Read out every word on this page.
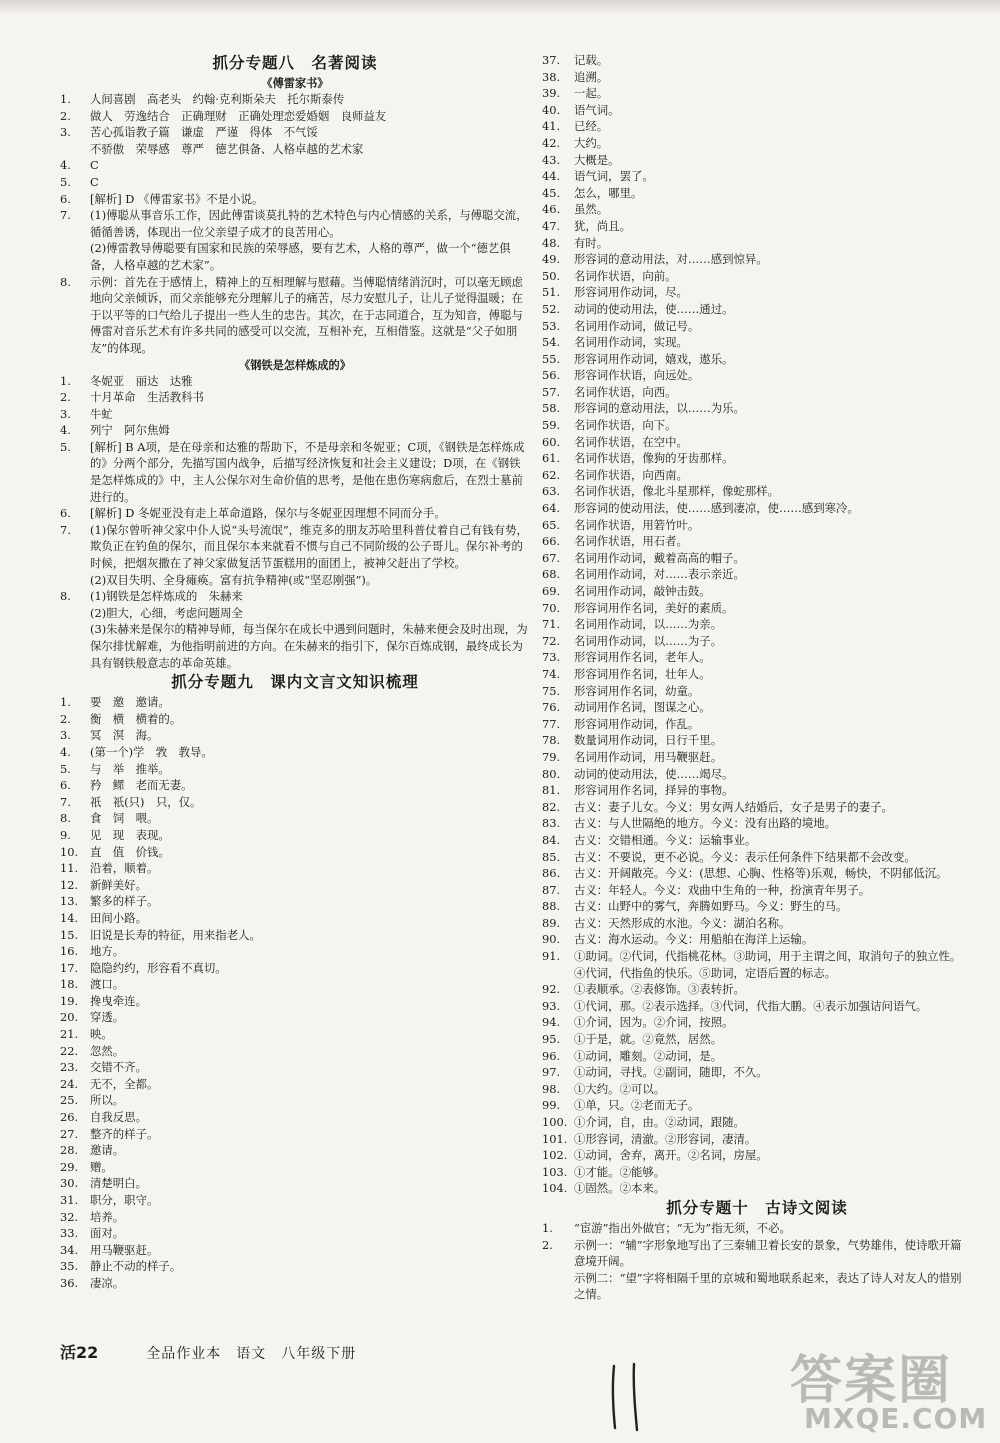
抓分专题八　名著阅读
《傅雷家书》
1.	人间喜剧　高老头　约翰·克利斯朵夫　托尔斯泰传
2.	做人　劳逸结合　正确理财　正确处理恋爱婚姻　良师益友
3.	苦心孤诣教子篇　谦虚　严谨　得体　不气馁
不骄傲　荣辱感　尊严　德艺俱备、人格卓越的艺术家
4.	C
5.	C
6.	[解析] D 《傅雷家书》不是小说。
7.	(1)傅聪从事音乐工作，因此傅雷谈莫扎特的艺术特色与内心情感的关系，与傅聪交流，循循善诱，体现出一位父亲望子成才的良苦用心。
(2)傅雷教导傅聪要有国家和民族的荣辱感，要有艺术，人格的尊严，做一个“德艺俱备，人格卓越的艺术家”。
8.	示例：首先在于感情上，精神上的互相理解与慰藉。当傅聪情绪消沉时，可以毫无顾虑地向父亲倾诉，而父亲能够充分理解儿子的痛苦，尽力安慰儿子，让儿子觉得温暖；在于以平等的口气给儿子提出一些人生的忠告。其次，在于志同道合，互为知音，傅聪与傅雷对音乐艺术有许多共同的感受可以交流，互相补充，互相借鉴。这就是“父子如朋友”的体现。
《钢铁是怎样炼成的》
1.	冬妮亚　丽达　达雅
2.	十月革命　生活教科书
3.	牛虻
4.	列宁　阿尔焦姆
5.	[解析] B A项，是在母亲和达雅的帮助下，不是母亲和冬妮亚；C项，《钢铁是怎样炼成的》分两个部分，先描写国内战争，后描写经济恢复和社会主义建设；D项，在《钢铁是怎样炼成的》中，主人公保尔对生命价值的思考，是他在患伤寒病愈后，在烈士墓前进行的。
6.	[解析] D 冬妮亚没有走上革命道路，保尔与冬妮亚因理想不同而分手。
7.	(1)保尔曾听神父家中仆人说“头号流氓”，维克多的朋友苏哈里科普仗着自己有钱有势，欺负正在钓鱼的保尔，而且保尔本来就看不惯与自己不同阶级的公子哥儿。保尔补考的时候，把烟灰撒在了神父家做复活节蛋糕用的面团上，被神父赶出了学校。
(2)双目失明、全身瘫痪。富有抗争精神(或“坚忍刚强”)。
8.	(1)钢铁是怎样炼成的　朱赫来
(2)胆大，心细，考虑问题周全
(3)朱赫来是保尔的精神导师，每当保尔在成长中遇到问题时，朱赫来便会及时出现，为保尔排忧解难，为他指明前进的方向。在朱赫来的指引下，保尔百炼成钢，最终成长为具有钢铁般意志的革命英雄。
抓分专题九　课内文言文知识梳理
1.	要　邀　邀请。
2.	衡　横　横着的。
3.	冥　溟　海。
4.	(第一个)学　敩　教导。
5.	与　举　推举。
6.	矜　鳏　老而无妻。
7.	祇　祇(只)　只，仅。
8.	食　饲　喂。
9.	见　现　表现。
10.	直　值　价钱。
11.	沿着，顺着。
12.	新鲜美好。
13.	繁多的样子。
14.	田间小路。
15.	旧说是长寿的特征，用来指老人。
16.	地方。
17.	隐隐约约，形容看不真切。
18.	渡口。
19.	搀曳牵连。
20.	穿透。
21.	映。
22.	忽然。
23.	交错不齐。
24.	无不，全都。
25.	所以。
26.	自我反思。
27.	整齐的样子。
28.	邀请。
29.	赠。
30.	清楚明白。
31.	职分，职守。
32.	培养。
33.	面对。
34.	用马鞭驱赶。
35.	静止不动的样子。
36.	凄凉。
37.	记载。
38.	追溯。
39.	一起。
40.	语气词。
41.	已经。
42.	大约。
43.	大概是。
44.	语气词，罢了。
45.	怎么，哪里。
46.	虽然。
47.	犹，尚且。
48.	有时。
49.	形容词的意动用法，对……感到惊异。
50.	名词作状语，向前。
51.	形容词用作动词，尽。
52.	动词的使动用法，使……通过。
53.	名词用作动词，做记号。
54.	名词用作动词，实现。
55.	形容词用作动词，嬉戏，遨乐。
56.	形容词作状语，向远处。
57.	名词作状语，向西。
58.	形容词的意动用法，以……为乐。
59.	名词作状语，向下。
60.	名词作状语，在空中。
61.	名词作状语，像狗的牙齿那样。
62.	名词作状语，向西南。
63.	名词作状语，像北斗星那样，像蛇那样。
64.	形容词的使动用法，使……感到凄凉，使……感到寒冷。
65.	名词作状语，用箬竹叶。
66.	名词作状语，用石者。
67.	名词用作动词，戴着高高的帽子。
68.	名词用作动词，对……表示亲近。
69.	名词用作动词，敲钟击鼓。
70.	形容词用作名词，美好的素质。
71.	名词用作动词，以……为亲。
72.	名词用作动词，以……为子。
73.	形容词用作名词，老年人。
74.	形容词用作名词，壮年人。
75.	形容词用作名词，幼童。
76.	动词用作名词，图谋之心。
77.	形容词用作动词，作乱。
78.	数量词用作动词，日行千里。
79.	名词用作动词，用马鞭驱赶。
80.	动词的使动用法，使……竭尽。
81.	形容词用作名词，择异的事物。
82.	古义：妻子儿女。今义：男女两人结婚后，女子是男子的妻子。
83.	古义：与人世隔绝的地方。今义：没有出路的境地。
84.	古义：交错相通。今义：运输事业。
85.	古义：不要说，更不必说。今义：表示任何条件下结果都不会改变。
86.	古义：开阔敞亮。今义：(思想、心胸、性格等)乐观，畅快，不阴郁低沉。
87.	古义：年轻人。今义：戏曲中生角的一种，扮演青年男子。
88.	古义：山野中的雾气，奔腾如野马。今义：野生的马。
89.	古义：天然形成的水池。今义：湖泊名称。
90.	古义：海水运动。今义：用船舶在海洋上运输。
91.	①助词。②代词，代指桃花林。③助词，用于主谓之间，取消句子的独立性。④代词，代指鱼的快乐。⑤助词，定语后置的标志。
92.	①表顺承。②表修饰。③表转折。
93.	①代词，那。②表示选择。③代词，代指大鹏。④表示加强诘问语气。
94.	①介词，因为。②介词，按照。
95.	①于是，就。②竟然，居然。
96.	①动词，雕刻。②动词，是。
97.	①动词，寻找。②副词，随即，不久。
98.	①大约。②可以。
99.	①单，只。②老而无子。
100. ①介词，自，由。②动词，跟随。
101. ①形容词，清澈。②形容词，凄清。
102. ①动词，舍弃，离开。②名词，房屋。
103. ①才能。②能够。
104. ①固然。②本来。
抓分专题十　古诗文阅读
1.	“宦游”指出外做官；“无为”指无须，不必。
2.	示例一：“辅”字形象地写出了三秦辅卫着长安的景象，气势雄伟，使诗歌开篇意境开阔。
示例二：“望”字将相隔千里的京城和蜀地联系起来，表达了诗人对友人的惜别之情。
活22	全品作业本　语文　八年级下册	答案圈
MXQE.COM
